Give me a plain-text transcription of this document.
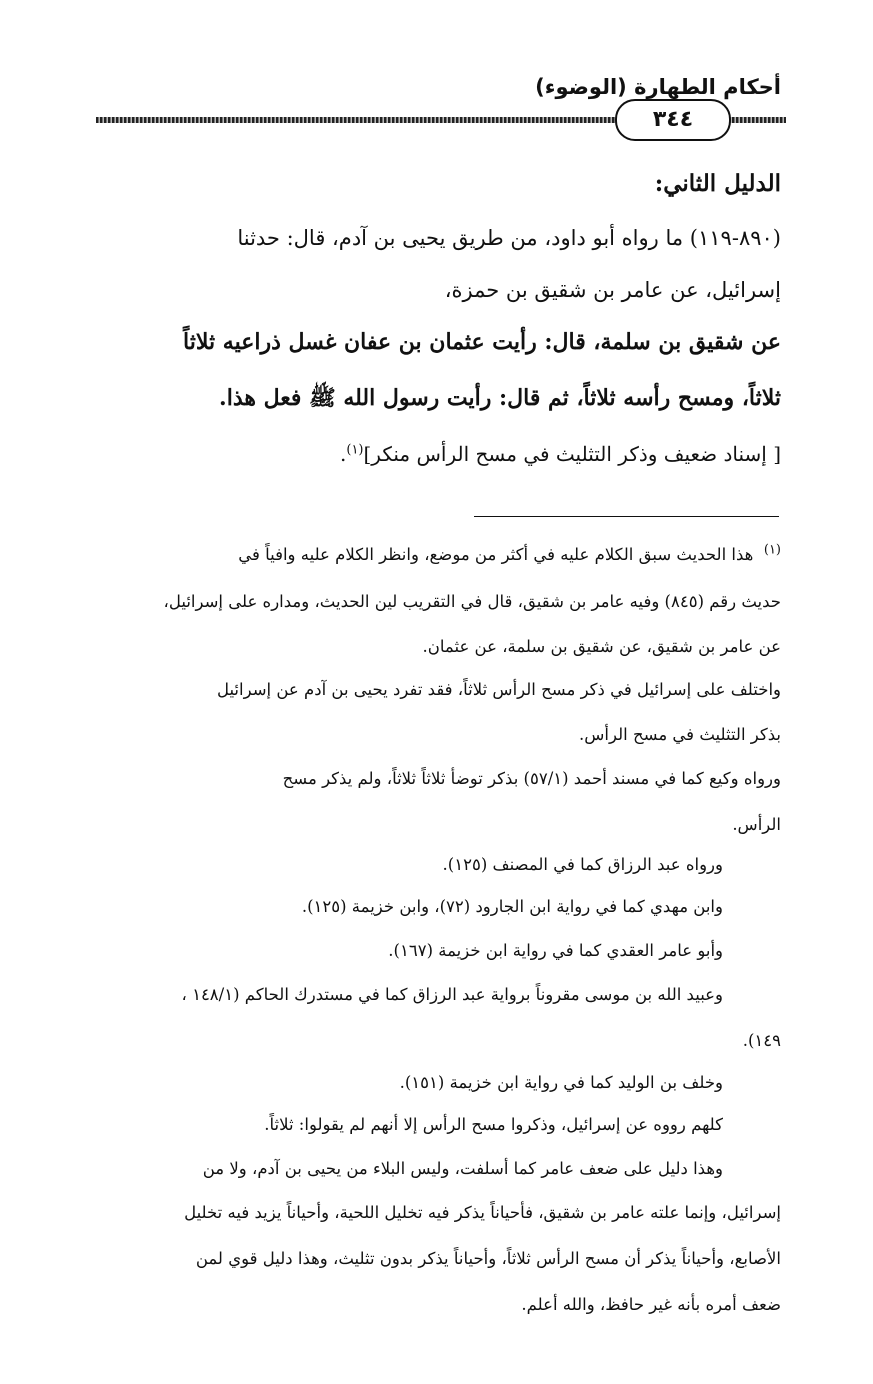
أحكام الطهارة (الوضوء)
٣٤٤
الدليل الثاني:
(٨٩٠-١١٩) ما رواه أبو داود، من طريق يحيى بن آدم، قال: حدثنا
إسرائيل، عن عامر بن شقيق بن حمزة،
عن شقيق بن سلمة، قال: رأيت عثمان بن عفان غسل ذراعيه ثلاثاً
ثلاثاً، ومسح رأسه ثلاثاً، ثم قال: رأيت رسول الله ﷺ فعل هذا.
[ إسناد ضعيف وذكر التثليث في مسح الرأس منكر]$^{(١)}$.
$^{(١)}$  هذا الحديث سبق الكلام عليه في أكثر من موضع، وانظر الكلام عليه وافياً في
حديث رقم (٨٤٥) وفيه عامر بن شقيق، قال في التقريب لين الحديث، ومداره على إسرائيل،
عن عامر بن شقيق، عن شقيق بن سلمة، عن عثمان.
واختلف على إسرائيل في ذكر مسح الرأس ثلاثاً، فقد تفرد يحيى بن آدم عن إسرائيل
بذكر التثليث في مسح الرأس.
ورواه وكيع كما في مسند أحمد (٥٧/١) بذكر توضأ ثلاثاً ثلاثاً، ولم يذكر مسح
الرأس.
ورواه عبد الرزاق كما في المصنف (١٢٥).
وابن مهدي كما في رواية ابن الجارود (٧٢)، وابن خزيمة (١٢٥).
وأبو عامر العقدي كما في رواية ابن خزيمة (١٦٧).
وعبيد الله بن موسى مقروناً برواية عبد الرزاق كما في مستدرك الحاكم (١٤٨/١ ،
١٤٩).
وخلف بن الوليد كما في رواية ابن خزيمة (١٥١).
كلهم رووه عن إسرائيل، وذكروا مسح الرأس إلا أنهم لم يقولوا: ثلاثاً.
وهذا دليل على ضعف عامر كما أسلفت، وليس البلاء من يحيى بن آدم، ولا من
إسرائيل، وإنما علته عامر بن شقيق، فأحياناً يذكر فيه تخليل اللحية، وأحياناً يزيد فيه تخليل
الأصابع، وأحياناً يذكر أن مسح الرأس ثلاثاً، وأحياناً يذكر بدون تثليث، وهذا دليل قوي لمن
ضعف أمره بأنه غير حافظ، والله أعلم.
